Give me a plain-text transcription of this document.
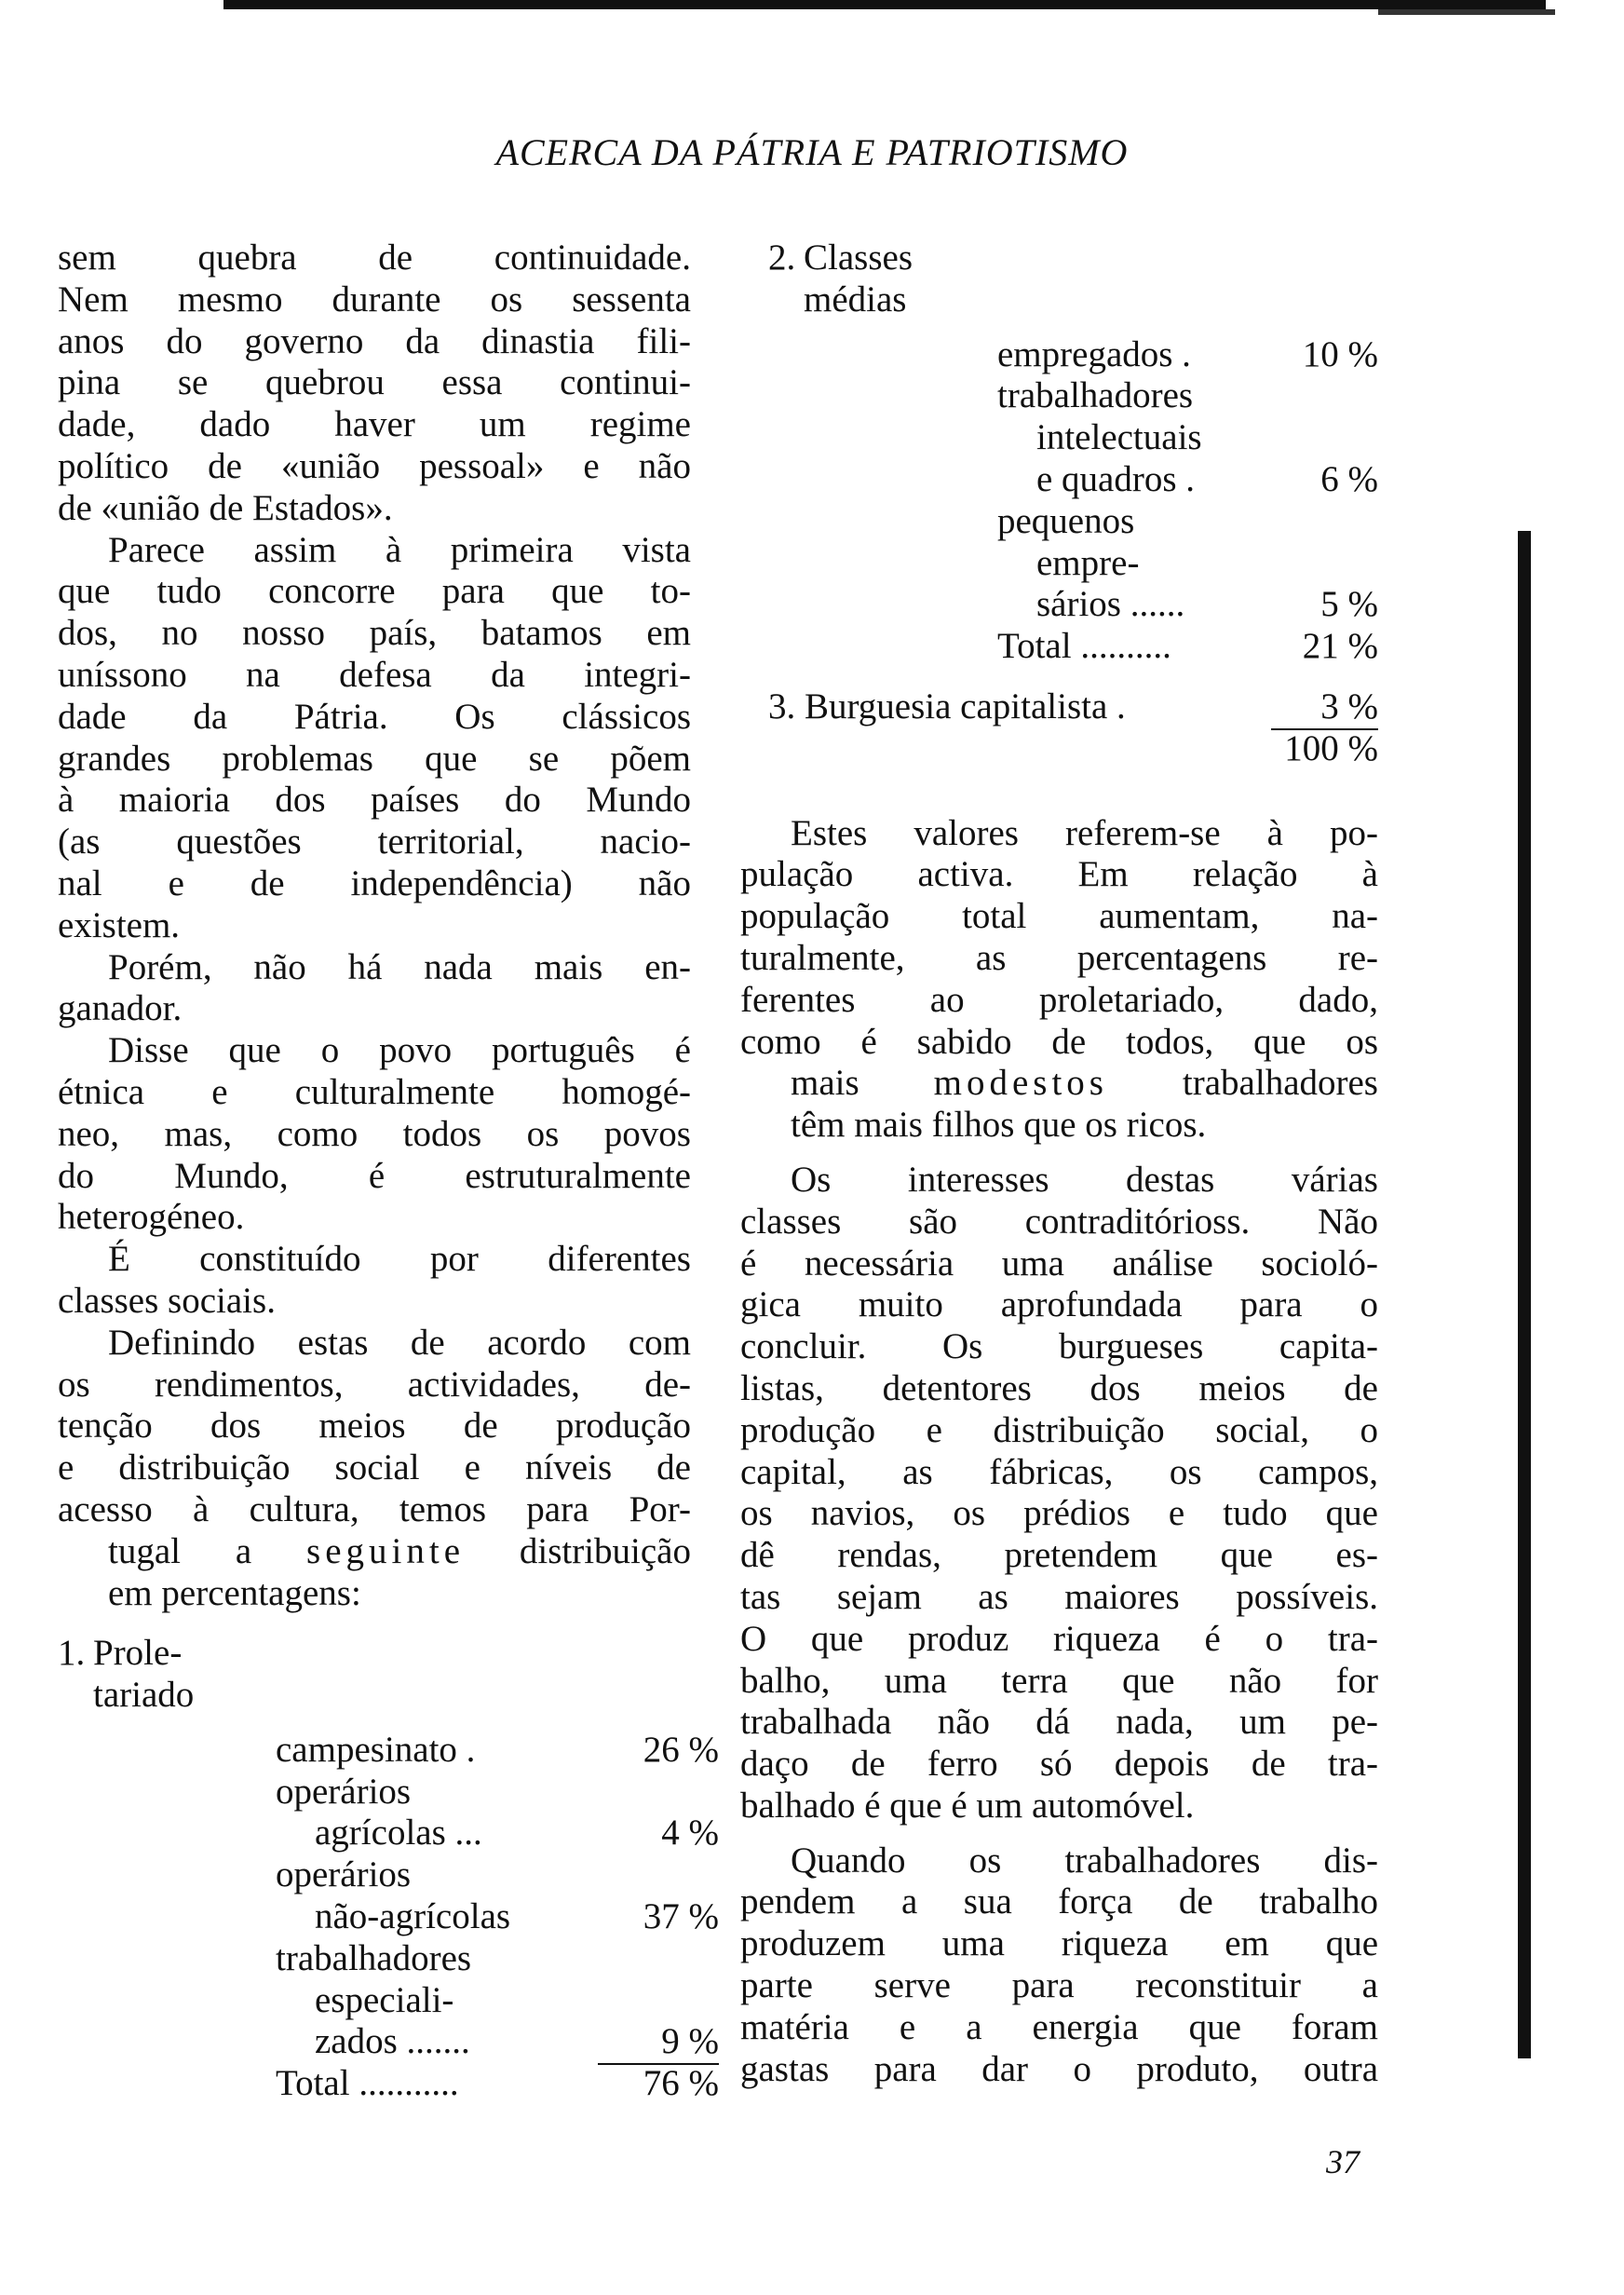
ACERCA DA PÁTRIA E PATRIOTISMO

sem quebra de continuidade.
Nem mesmo durante os sessenta
anos do governo da dinastia fili-
pina se quebrou essa continui-
dade, dado haver um regime
político de «união pessoal» e não
de «união de Estados».

Parece assim à primeira vista
que tudo concorre para que to-
dos, no nosso país, batamos em
uníssono na defesa da integri-
dade da Pátria. Os clássicos
grandes problemas que se põem
à maioria dos países do Mundo
(as questões territorial, nacio-
nal e de independência) não
existem.

Porém, não há nada mais en-
ganador.

Disse que o povo português é
étnica e culturalmente homogé-
neo, mas, como todos os povos
do Mundo, é estruturalmente
heterogéneo.

É constituído por diferentes
classes sociais.

Definindo estas de acordo com
os rendimentos, actividades, de-
tenção dos meios de produção
e distribuição social e níveis de
acesso à cultura, temos para Por-
tugal a seguinte distribuição
em percentagens:

1. Prole-
tariado
campesinato .	26 %
operários
agrícolas ...	4 %
operários
não-agrícolas	37 %
trabalhadores
especiali-
zados .......	9 %
Total ...........	76 %
2. Classes
médias
empregados .	10 %
trabalhadores
intelectuais
e quadros .	6 %
pequenos
empre-
sários ......	5 %
Total ..........	21 %
3. Burguesia capitalista .	3 %
100 %

Estes valores referem-se à po-
pulação activa. Em relação à
população total aumentam, na-
turalmente, as percentagens re-
ferentes ao proletariado, dado,
como é sabido de todos, que os
mais modestos trabalhadores
têm mais filhos que os ricos.

Os interesses destas várias
classes são contraditórioss. Não
é necessária uma análise socioló-
gica muito aprofundada para o
concluir. Os burgueses capita-
listas, detentores dos meios de
produção e distribuição social, o
capital, as fábricas, os campos,
os navios, os prédios e tudo que
dê rendas, pretendem que es-
tas sejam as maiores possíveis.
O que produz riqueza é o tra-
balho, uma terra que não for
trabalhada não dá nada, um pe-
daço de ferro só depois de tra-
balhado é que é um automóvel.

Quando os trabalhadores dis-
pendem a sua força de trabalho
produzem uma riqueza em que
parte serve para reconstituir a
matéria e a energia que foram
gastas para dar o produto, outra

37
